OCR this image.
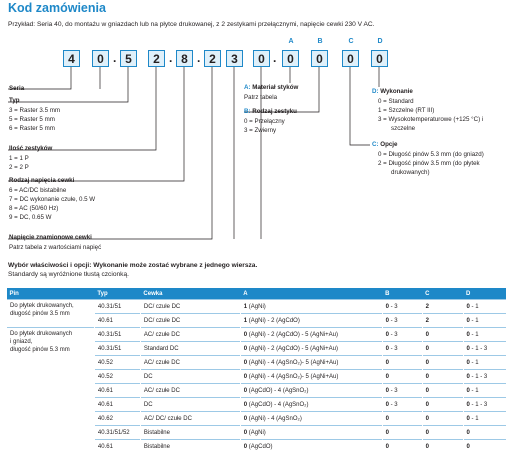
Kod zamówienia
Przykład: Seria 40, do montażu w gniazdach lub na płytce drukowanej, z 2 zestykami przełącznymi, napięcie cewki 230 V AC.
A	B	C	D
4	0 . 5	2 . 8 . 2	3	0 . 0	0	0	0
Seria
Typ
3 = Raster 3.5 mm
5 = Raster 5 mm
6 = Raster 5 mm
Ilość zestyków
1 = 1 P
2 = 2 P
Rodzaj napięcia cewki
6 = AC/DC bistabilne
7 = DC wykonanie czułe, 0.5 W
8 = AC (50/60 Hz)
9 = DC, 0.65 W
Napięcie znamionowe cewki
Patrz tabela z wartościami napięć
A: Materiał styków
Patrz tabela
B: Rodzaj zestyku
0 = Przełączny
3 = Zwierny
D: Wykonanie
0 = Standard
1 = Szczelne (RT III)
3 = Wysokotemperaturowe (+125 °C) i
szczelne
C: Opcje
0 = Długość pinów 5.3 mm (do gniazd)
2 = Długość pinów 3.5 mm (do płytek
drukowanych)
Wybór właściwości i opcji: Wykonanie może zostać wybrane z jednego wiersza.
Standardy są wyróżnione tłustą czcionką.
Pin	Typ	Cewka	A	B	C	D

Do płytek drukowanych,
długość pinów 3.5 mm	40.31/51	DC/ czułe DC	1 (AgNi)	0 - 3	2	0 - 1
	40.61	DC/ czułe DC	1 (AgNi) - 2 (AgCdO)	0 - 3	2	0 - 1

Do płytek drukowanych
i gniazd,
długość pinów 5.3 mm	40.31/51	AC/ czułe DC	0 (AgNi) - 2 (AgCdO) - 5 (AgNi+Au)	0 - 3	0	0 - 1
	40.31/51	Standard DC	0 (AgNi) - 2 (AgCdO) - 5 (AgNi+Au)	0 - 3	0	0 - 1 - 3
	40.52	AC/ czułe DC	0 (AgNi) - 4 (AgSnO₂)- 5 (AgNi+Au)	0	0	0 - 1
	40.52	DC	0 (AgNi) - 4 (AgSnO₂)- 5 (AgNi+Au)	0	0	0 - 1 - 3
	40.61	AC/ czułe DC	0 (AgCdO) - 4 (AgSnO₂)	0 - 3	0	0 - 1
	40.61	DC	0 (AgCdO) - 4 (AgSnO₂)	0 - 3	0	0 - 1 - 3
	40.62	AC/ DC/ czułe DC	0 (AgNi) - 4 (AgSnO₂)	0	0	0 - 1
	40.31/51/52	Bistabilne	0 (AgNi)	0	0	0
	40.61	Bistabilne	0 (AgCdO)	0	0	0
